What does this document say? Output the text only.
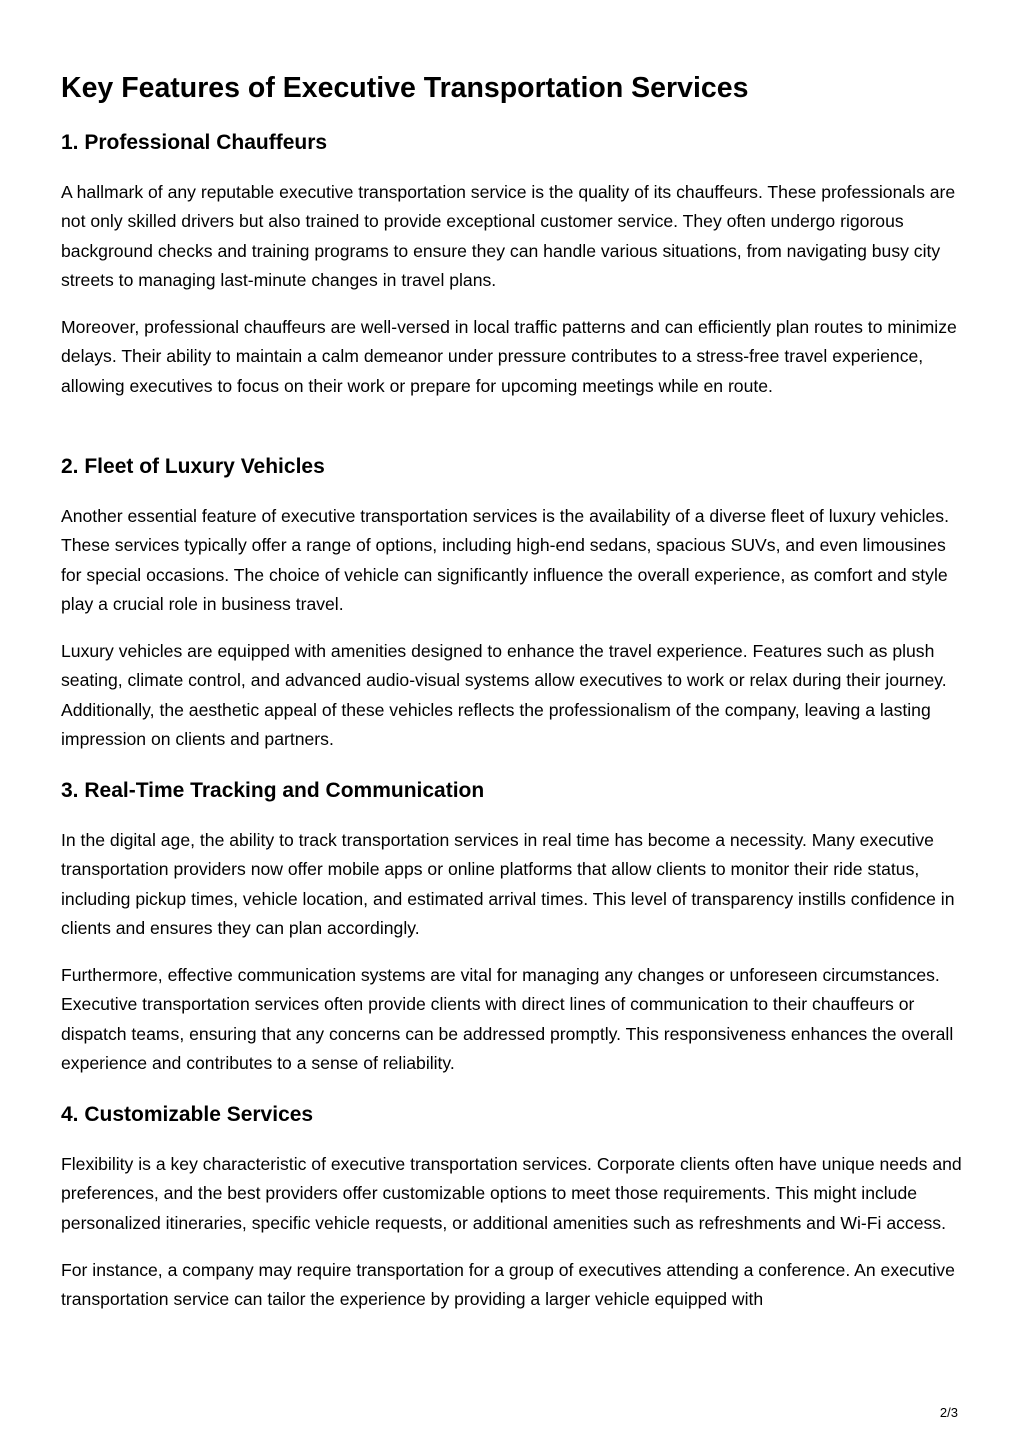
Key Features of Executive Transportation Services
1. Professional Chauffeurs

A hallmark of any reputable executive transportation service is the quality of its chauffeurs. These professionals are not only skilled drivers but also trained to provide exceptional customer service. They often undergo rigorous background checks and training programs to ensure they can handle various situations, from navigating busy city streets to managing last-minute changes in travel plans.

Moreover, professional chauffeurs are well-versed in local traffic patterns and can efficiently plan routes to minimize delays. Their ability to maintain a calm demeanor under pressure contributes to a stress-free travel experience, allowing executives to focus on their work or prepare for upcoming meetings while en route.

2. Fleet of Luxury Vehicles

Another essential feature of executive transportation services is the availability of a diverse fleet of luxury vehicles. These services typically offer a range of options, including high-end sedans, spacious SUVs, and even limousines for special occasions. The choice of vehicle can significantly influence the overall experience, as comfort and style play a crucial role in business travel.

Luxury vehicles are equipped with amenities designed to enhance the travel experience. Features such as plush seating, climate control, and advanced audio-visual systems allow executives to work or relax during their journey. Additionally, the aesthetic appeal of these vehicles reflects the professionalism of the company, leaving a lasting impression on clients and partners.

3. Real-Time Tracking and Communication

In the digital age, the ability to track transportation services in real time has become a necessity. Many executive transportation providers now offer mobile apps or online platforms that allow clients to monitor their ride status, including pickup times, vehicle location, and estimated arrival times. This level of transparency instills confidence in clients and ensures they can plan accordingly.

Furthermore, effective communication systems are vital for managing any changes or unforeseen circumstances. Executive transportation services often provide clients with direct lines of communication to their chauffeurs or dispatch teams, ensuring that any concerns can be addressed promptly. This responsiveness enhances the overall experience and contributes to a sense of reliability.

4. Customizable Services

Flexibility is a key characteristic of executive transportation services. Corporate clients often have unique needs and preferences, and the best providers offer customizable options to meet those requirements. This might include personalized itineraries, specific vehicle requests, or additional amenities such as refreshments and Wi-Fi access.

For instance, a company may require transportation for a group of executives attending a conference. An executive transportation service can tailor the experience by providing a larger vehicle equipped with

2/3
